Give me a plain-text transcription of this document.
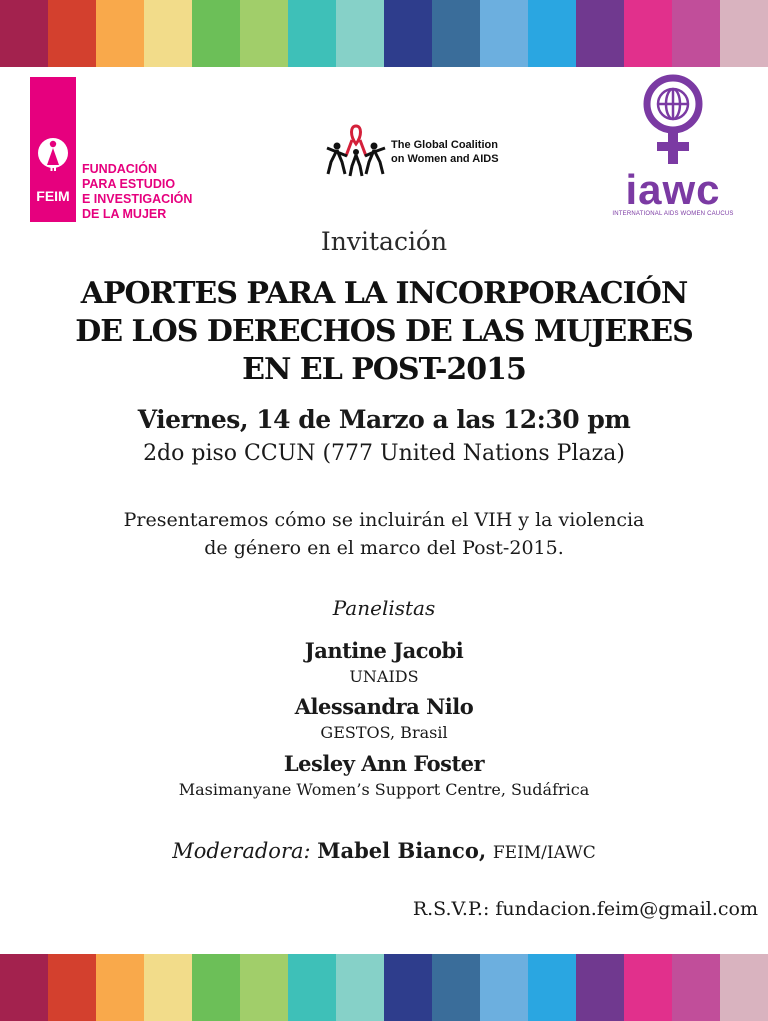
FEIM
FUNDACIÓN
PARA ESTUDIO
E INVESTIGACIÓN
DE LA MUJER
The Global Coalition
on Women and AIDS
iawc
INTERNATIONAL AIDS WOMEN CAUCUS
Invitación
APORTES PARA LA INCORPORACIÓN
DE LOS DERECHOS DE LAS MUJERES
EN EL POST-2015
Viernes, 14 de Marzo a las 12:30 pm
2do piso CCUN (777 United Nations Plaza)
Presentaremos cómo se incluirán el VIH y la violencia
de género en el marco del Post-2015.
Panelistas
Jantine Jacobi
UNAIDS
Alessandra Nilo
GESTOS, Brasil
Lesley Ann Foster
Masimanyane Women’s Support Centre, Sudáfrica
Moderadora: Mabel Bianco, FEIM/IAWC
R.S.V.P.: fundacion.feim@gmail.com
